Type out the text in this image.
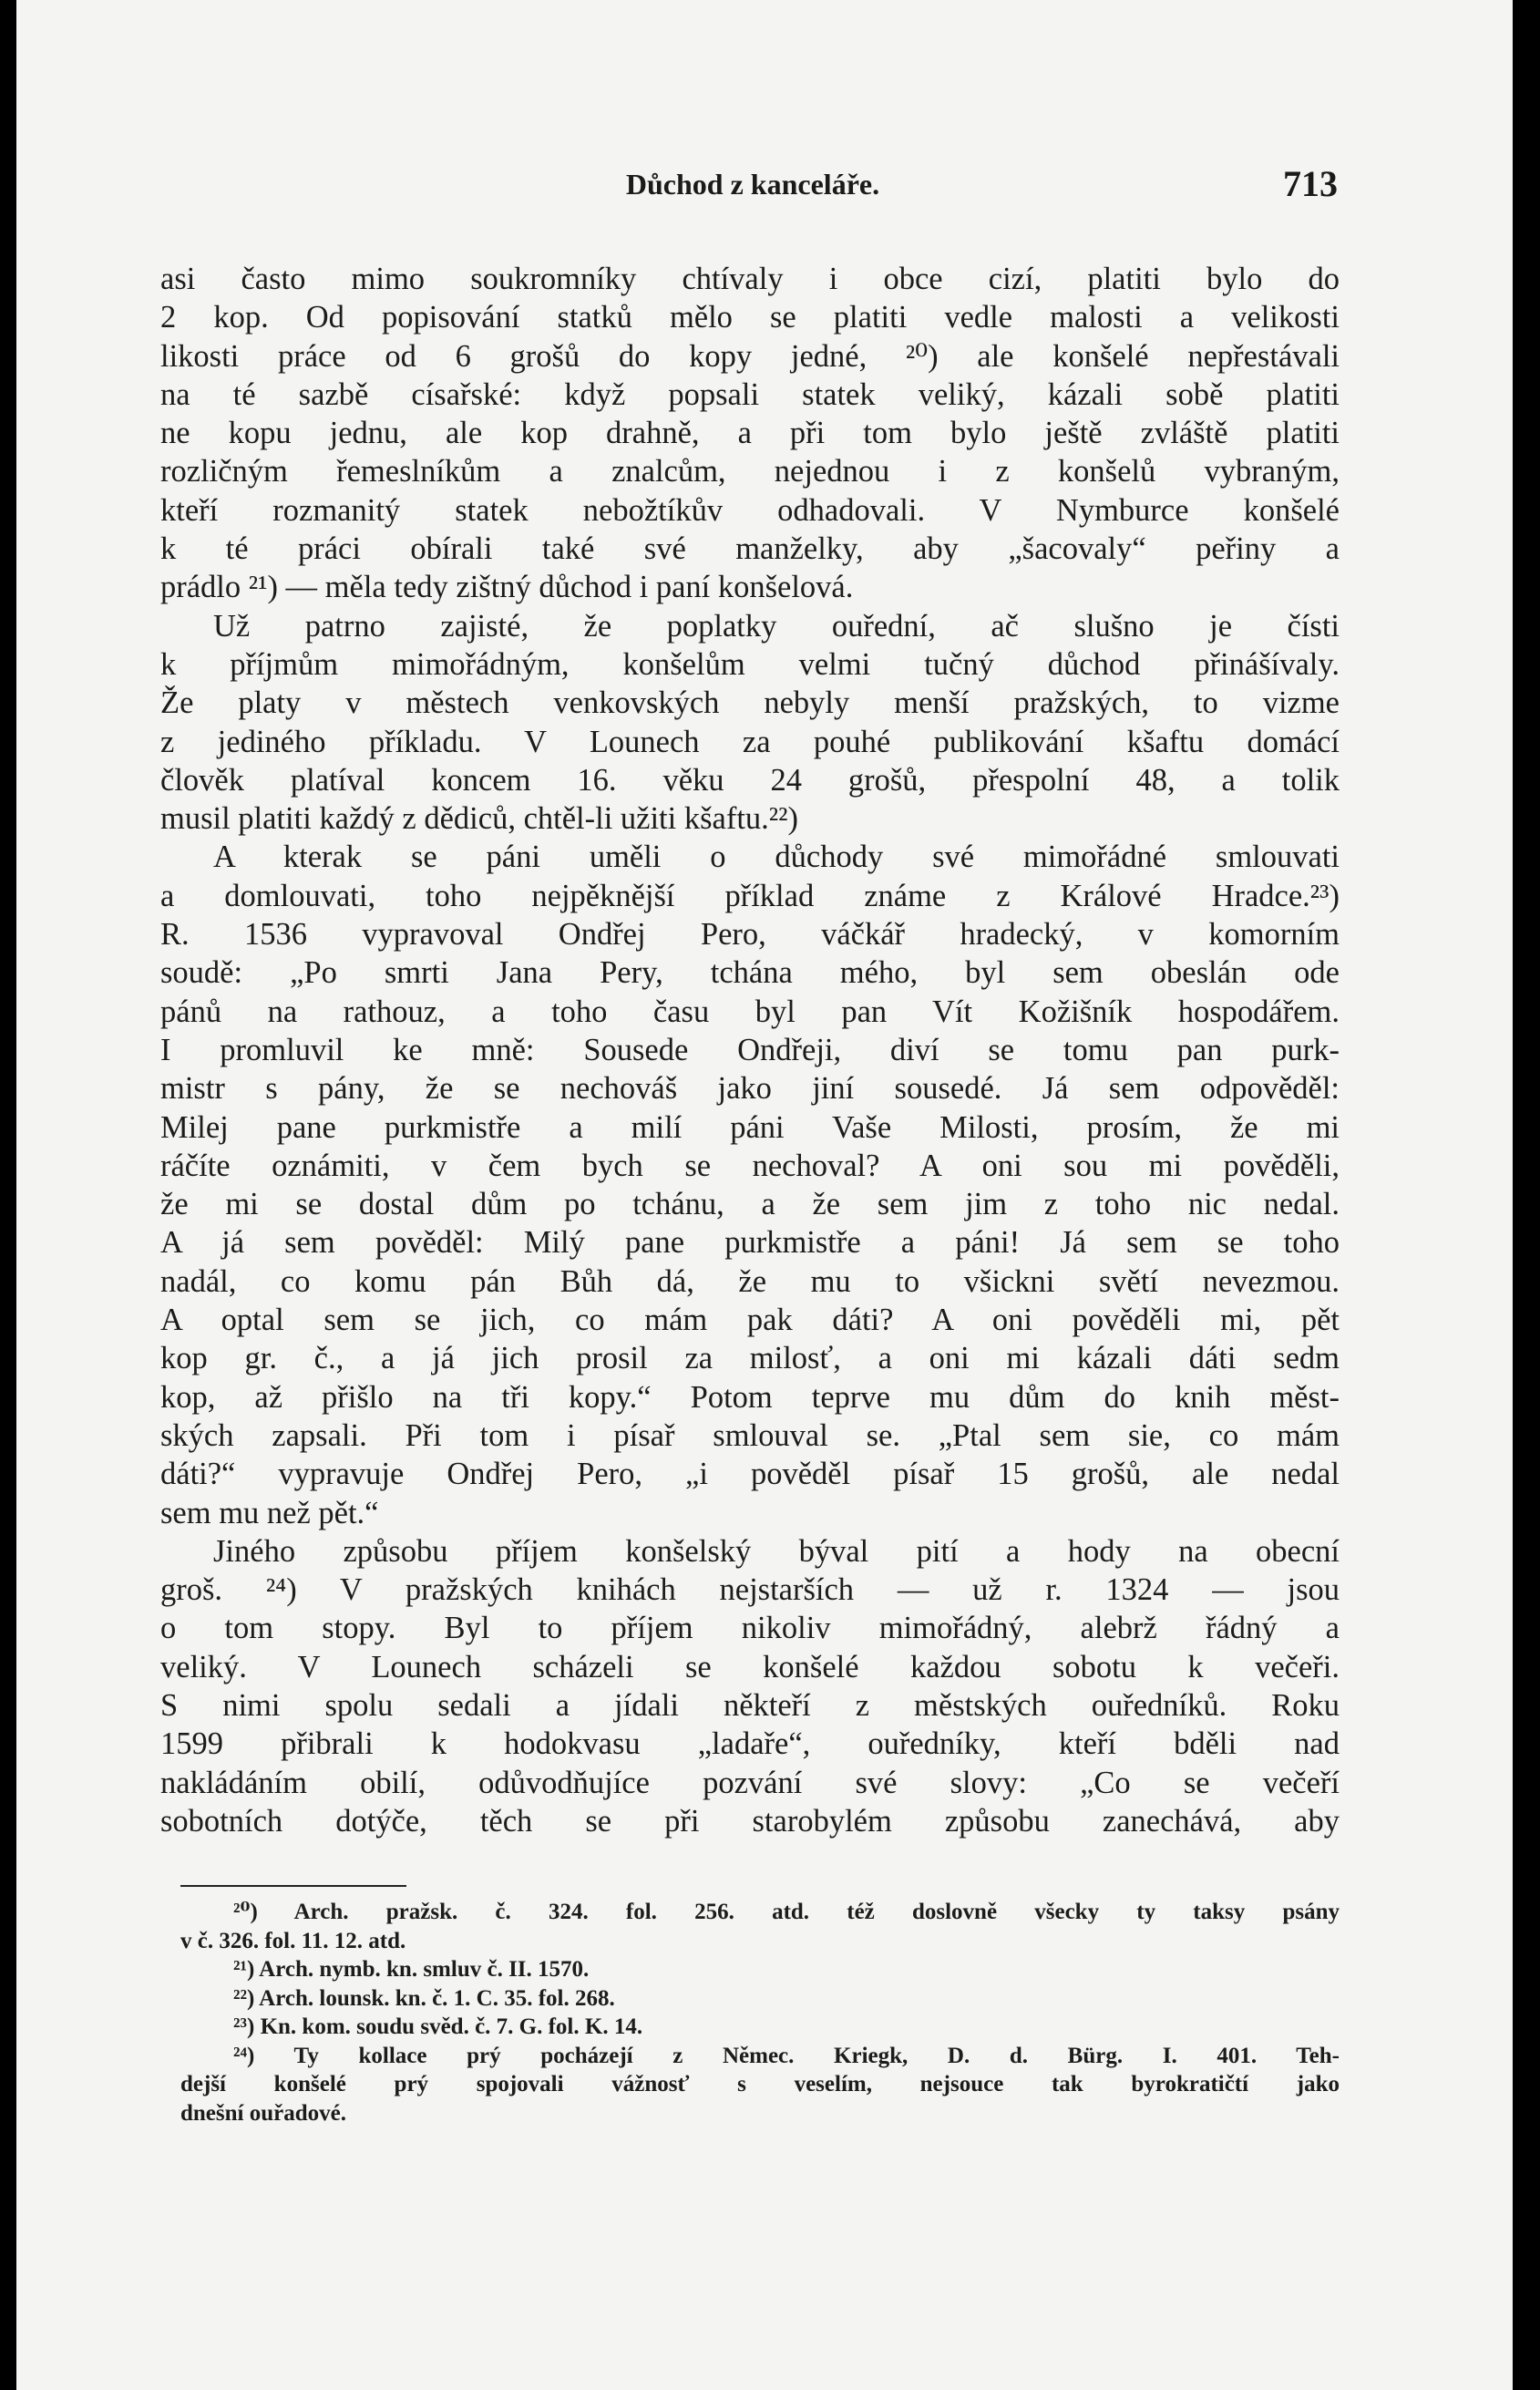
Důchod z kanceláře.	713
asi často mimo soukromníky chtívaly i obce cizí, platiti bylo do
2 kop. Od popisování statků mělo se platiti vedle malosti a velikosti
likosti práce od 6 grošů do kopy jedné, ²⁰) ale konšelé nepřestávali
na té sazbě císařské: když popsali statek veliký, kázali sobě platiti
ne kopu jednu, ale kop drahně, a při tom bylo ještě zvláště platiti
rozličným řemeslníkům a znalcům, nejednou i z konšelů vybraným,
kteří rozmanitý statek nebožtíkův odhadovali. V Nymburce konšelé
k té práci obírali také své manželky, aby „šacovaly“ peřiny a
prádlo ²¹) — měla tedy zištný důchod i paní konšelová.
Už patrno zajisté, že poplatky ouřední, ač slušno je čísti
k příjmům mimořádným, konšelům velmi tučný důchod přinášívaly.
Že platy v městech venkovských nebyly menší pražských, to vizme
z jediného příkladu. V Lounech za pouhé publikování kšaftu domácí
člověk platíval koncem 16. věku 24 grošů, přespolní 48, a tolik
musil platiti každý z dědiců, chtěl-li užiti kšaftu.²²)
A kterak se páni uměli o důchody své mimořádné smlouvati
a domlouvati, toho nejpěknější příklad známe z Králové Hradce.²³)
R. 1536 vypravoval Ondřej Pero, váčkář hradecký, v komorním
soudě: „Po smrti Jana Pery, tchána mého, byl sem obeslán ode
pánů na rathouz, a toho času byl pan Vít Kožišník hospodářem.
I promluvil ke mně: Sousede Ondřeji, diví se tomu pan purk-
mistr s pány, že se nechováš jako jiní sousedé. Já sem odpověděl:
Milej pane purkmistře a milí páni Vaše Milosti, prosím, že mi
ráčíte oznámiti, v čem bych se nechoval? A oni sou mi pověděli,
že mi se dostal dům po tchánu, a že sem jim z toho nic nedal.
A já sem pověděl: Milý pane purkmistře a páni! Já sem se toho
nadál, co komu pán Bůh dá, že mu to všickni světí nevezmou.
A optal sem se jich, co mám pak dáti? A oni pověděli mi, pět
kop gr. č., a já jich prosil za milosť, a oni mi kázali dáti sedm
kop, až přišlo na tři kopy.“ Potom teprve mu dům do knih měst-
ských zapsali. Při tom i písař smlouval se. „Ptal sem sie, co mám
dáti?“ vypravuje Ondřej Pero, „i pověděl písař 15 grošů, ale nedal
sem mu než pět.“
Jiného způsobu příjem konšelský býval pití a hody na obecní
groš. ²⁴) V pražských knihách nejstarších — už r. 1324 — jsou
o tom stopy. Byl to příjem nikoliv mimořádný, alebrž řádný a
veliký. V Lounech scházeli se konšelé každou sobotu k večeři.
S nimi spolu sedali a jídali někteří z městských ouředníků. Roku
1599 přibrali k hodokvasu „ladaře“, ouředníky, kteří bděli nad
nakládáním obilí, odůvodňujíce pozvání své slovy: „Co se večeří
sobotních dotýče, těch se při starobylém způsobu zanechává, aby
²⁰) Arch. pražsk. č. 324. fol. 256. atd. též doslovně všecky ty taksy psány
v č. 326. fol. 11. 12. atd.
²¹) Arch. nymb. kn. smluv č. II. 1570.
²²) Arch. lounsk. kn. č. 1. C. 35. fol. 268.
²³) Kn. kom. soudu svěd. č. 7. G. fol. K. 14.
²⁴) Ty kollace prý pocházejí z Němec. Kriegk, D. d. Bürg. I. 401. Teh-
dejší konšelé prý spojovali vážnosť s veselím, nejsouce tak byrokratičtí jako
dnešní ouřadové.
